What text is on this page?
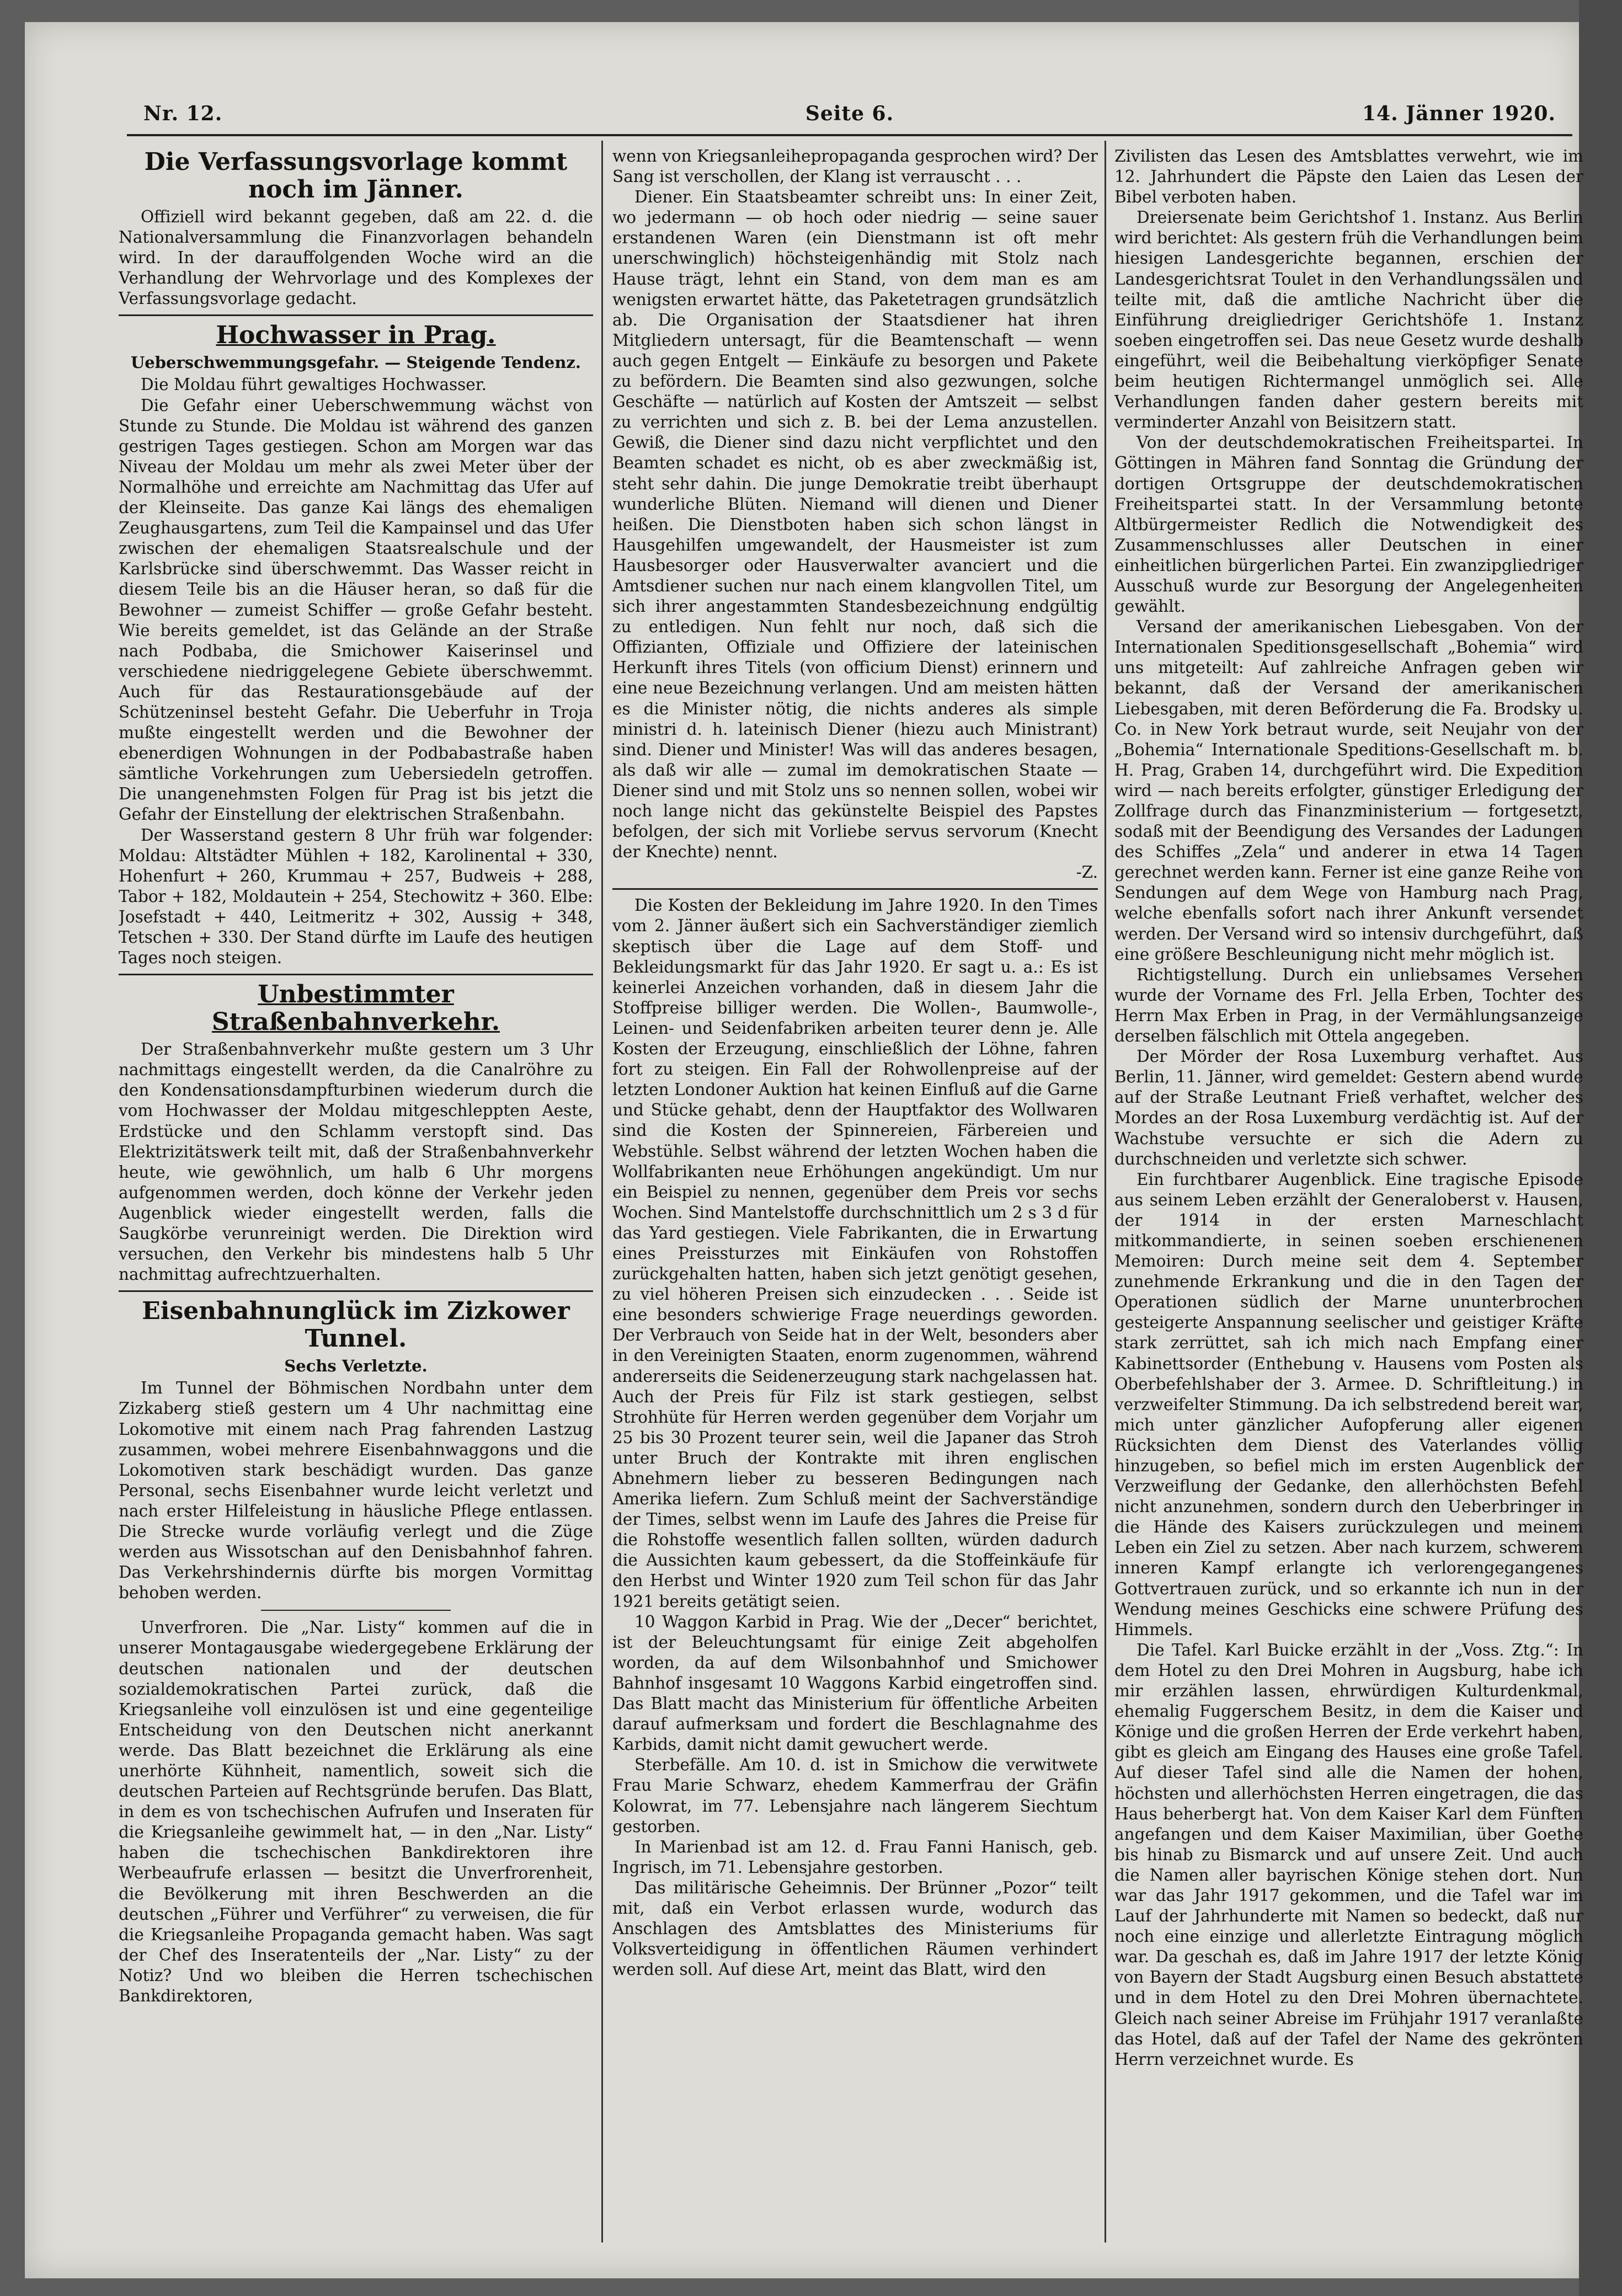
Nr. 12.	Seite 6.	14. Jänner 1920.
Die Verfassungsvorlage kommt noch im Jänner.

Offiziell wird bekannt gegeben, daß am 22. d. die Nationalversammlung die Finanzvorlagen behandeln wird. In der darauffolgenden Woche wird an die Verhandlung der Wehrvorlage und des Komplexes der Verfassungsvorlage gedacht.

Hochwasser in Prag.
Ueberschwemmungsgefahr. — Steigende Tendenz.

Die Moldau führt gewaltiges Hochwasser.

Die Gefahr einer Ueberschwemmung wächst von Stunde zu Stunde. Die Moldau ist während des ganzen gestrigen Tages gestiegen. Schon am Morgen war das Niveau der Moldau um mehr als zwei Meter über der Normalhöhe und erreichte am Nachmittag das Ufer auf der Kleinseite. Das ganze Kai längs des ehemaligen Zeughausgartens, zum Teil die Kampainsel und das Ufer zwischen der ehemaligen Staatsrealschule und der Karlsbrücke sind überschwemmt. Das Wasser reicht in diesem Teile bis an die Häuser heran, so daß für die Bewohner — zumeist Schiffer — große Gefahr besteht. Wie bereits gemeldet, ist das Gelände an der Straße nach Podbaba, die Smichower Kaiserinsel und verschiedene niedriggelegene Gebiete überschwemmt. Auch für das Restaurationsgebäude auf der Schützeninsel besteht Gefahr. Die Ueberfuhr in Troja mußte eingestellt werden und die Bewohner der ebenerdigen Wohnungen in der Podbabastraße haben sämtliche Vorkehrungen zum Uebersiedeln getroffen. Die unangenehmsten Folgen für Prag ist bis jetzt die Gefahr der Einstellung der elektrischen Straßenbahn.

Der Wasserstand gestern 8 Uhr früh war folgender: Moldau: Altstädter Mühlen + 182, Karolinental + 330, Hohenfurt + 260, Krummau + 257, Budweis + 288, Tabor + 182, Moldautein + 254, Stechowitz + 360. Elbe: Josefstadt + 440, Leitmeritz + 302, Aussig + 348, Tetschen + 330. Der Stand dürfte im Laufe des heutigen Tages noch steigen.

Unbestimmter Straßenbahnverkehr.

Der Straßenbahnverkehr mußte gestern um 3 Uhr nachmittags eingestellt werden, da die Canalröhre zu den Kondensationsdampfturbinen wiederum durch die vom Hochwasser der Moldau mitgeschleppten Aeste, Erdstücke und den Schlamm verstopft sind. Das Elektrizitätswerk teilt mit, daß der Straßenbahnverkehr heute, wie gewöhnlich, um halb 6 Uhr morgens aufgenommen werden, doch könne der Verkehr jeden Augenblick wieder eingestellt werden, falls die Saugkörbe verunreinigt werden. Die Direktion wird versuchen, den Verkehr bis mindestens halb 5 Uhr nachmittag aufrechtzuerhalten.

Eisenbahnunglück im Zizkower Tunnel.
Sechs Verletzte.

Im Tunnel der Böhmischen Nordbahn unter dem Zizkaberg stieß gestern um 4 Uhr nachmittag eine Lokomotive mit einem nach Prag fahrenden Lastzug zusammen, wobei mehrere Eisenbahnwaggons und die Lokomotiven stark beschädigt wurden. Das ganze Personal, sechs Eisenbahner wurde leicht verletzt und nach erster Hilfeleistung in häusliche Pflege entlassen. Die Strecke wurde vorläufig verlegt und die Züge werden aus Wissotschan auf den Denisbahnhof fahren. Das Verkehrshindernis dürfte bis morgen Vormittag behoben werden.

Unverfroren. Die „Nar. Listy“ kommen auf die in unserer Montagausgabe wiedergegebene Erklärung der deutschen nationalen und der deutschen sozialdemokratischen Partei zurück, daß die Kriegsanleihe voll einzulösen ist und eine gegenteilige Entscheidung von den Deutschen nicht anerkannt werde. Das Blatt bezeichnet die Erklärung als eine unerhörte Kühnheit, namentlich, soweit sich die deutschen Parteien auf Rechtsgründe berufen. Das Blatt, in dem es von tschechischen Aufrufen und Inseraten für die Kriegsanleihe gewimmelt hat, — in den „Nar. Listy“ haben die tschechischen Bankdirektoren ihre Werbeaufrufe erlassen — besitzt die Unverfrorenheit, die Bevölkerung mit ihren Beschwerden an die deutschen „Führer und Verführer“ zu verweisen, die für die Kriegsanleihe Propaganda gemacht haben. Was sagt der Chef des Inseratenteils der „Nar. Listy“ zu der Notiz? Und wo bleiben die Herren tschechischen Bankdirektoren,

wenn von Kriegsanleihepropaganda gesprochen wird? Der Sang ist verschollen, der Klang ist verrauscht . . .

Diener. Ein Staatsbeamter schreibt uns: In einer Zeit, wo jedermann — ob hoch oder niedrig — seine sauer erstandenen Waren (ein Dienstmann ist oft mehr unerschwinglich) höchsteigenhändig mit Stolz nach Hause trägt, lehnt ein Stand, von dem man es am wenigsten erwartet hätte, das Paketetragen grundsätzlich ab. Die Organisation der Staatsdiener hat ihren Mitgliedern untersagt, für die Beamtenschaft — wenn auch gegen Entgelt — Einkäufe zu besorgen und Pakete zu befördern. Die Beamten sind also gezwungen, solche Geschäfte — natürlich auf Kosten der Amtszeit — selbst zu verrichten und sich z. B. bei der Lema anzustellen. Gewiß, die Diener sind dazu nicht verpflichtet und den Beamten schadet es nicht, ob es aber zweckmäßig ist, steht sehr dahin. Die junge Demokratie treibt überhaupt wunderliche Blüten. Niemand will dienen und Diener heißen. Die Dienstboten haben sich schon längst in Hausgehilfen umgewandelt, der Hausmeister ist zum Hausbesorger oder Hausverwalter avanciert und die Amtsdiener suchen nur nach einem klangvollen Titel, um sich ihrer angestammten Standesbezeichnung endgültig zu entledigen. Nun fehlt nur noch, daß sich die Offizianten, Offiziale und Offiziere der lateinischen Herkunft ihres Titels (von officium Dienst) erinnern und eine neue Bezeichnung verlangen. Und am meisten hätten es die Minister nötig, die nichts anderes als simple ministri d. h. lateinisch Diener (hiezu auch Ministrant) sind. Diener und Minister! Was will das anderes besagen, als daß wir alle — zumal im demokratischen Staate — Diener sind und mit Stolz uns so nennen sollen, wobei wir noch lange nicht das gekünstelte Beispiel des Papstes befolgen, der sich mit Vorliebe servus servorum (Knecht der Knechte) nennt.

-Z.

Die Kosten der Bekleidung im Jahre 1920. In den Times vom 2. Jänner äußert sich ein Sachverständiger ziemlich skeptisch über die Lage auf dem Stoff- und Bekleidungsmarkt für das Jahr 1920. Er sagt u. a.: Es ist keinerlei Anzeichen vorhanden, daß in diesem Jahr die Stoffpreise billiger werden. Die Wollen-, Baumwolle-, Leinen- und Seidenfabriken arbeiten teurer denn je. Alle Kosten der Erzeugung, einschließlich der Löhne, fahren fort zu steigen. Ein Fall der Rohwollenpreise auf der letzten Londoner Auktion hat keinen Einfluß auf die Garne und Stücke gehabt, denn der Hauptfaktor des Wollwaren sind die Kosten der Spinnereien, Färbereien und Webstühle. Selbst während der letzten Wochen haben die Wollfabrikanten neue Erhöhungen angekündigt. Um nur ein Beispiel zu nennen, gegenüber dem Preis vor sechs Wochen. Sind Mantelstoffe durchschnittlich um 2 s 3 d für das Yard gestiegen. Viele Fabrikanten, die in Erwartung eines Preissturzes mit Einkäufen von Rohstoffen zurückgehalten hatten, haben sich jetzt genötigt gesehen, zu viel höheren Preisen sich einzudecken . . . Seide ist eine besonders schwierige Frage neuerdings geworden. Der Verbrauch von Seide hat in der Welt, besonders aber in den Vereinigten Staaten, enorm zugenommen, während andererseits die Seidenerzeugung stark nachgelassen hat. Auch der Preis für Filz ist stark gestiegen, selbst Strohhüte für Herren werden gegenüber dem Vorjahr um 25 bis 30 Prozent teurer sein, weil die Japaner das Stroh unter Bruch der Kontrakte mit ihren englischen Abnehmern lieber zu besseren Bedingungen nach Amerika liefern. Zum Schluß meint der Sachverständige der Times, selbst wenn im Laufe des Jahres die Preise für die Rohstoffe wesentlich fallen sollten, würden dadurch die Aussichten kaum gebessert, da die Stoffeinkäufe für den Herbst und Winter 1920 zum Teil schon für das Jahr 1921 bereits getätigt seien.

10 Waggon Karbid in Prag. Wie der „Decer“ berichtet, ist der Beleuchtungsamt für einige Zeit abgeholfen worden, da auf dem Wilsonbahnhof und Smichower Bahnhof insgesamt 10 Waggons Karbid eingetroffen sind. Das Blatt macht das Ministerium für öffentliche Arbeiten darauf aufmerksam und fordert die Beschlagnahme des Karbids, damit nicht damit gewuchert werde.

Sterbefälle. Am 10. d. ist in Smichow die verwitwete Frau Marie Schwarz, ehedem Kammerfrau der Gräfin Kolowrat, im 77. Lebensjahre nach längerem Siechtum gestorben.

In Marienbad ist am 12. d. Frau Fanni Hanisch, geb. Ingrisch, im 71. Lebensjahre gestorben.

Das militärische Geheimnis. Der Brünner „Pozor“ teilt mit, daß ein Verbot erlassen wurde, wodurch das Anschlagen des Amtsblattes des Ministeriums für Volksverteidigung in öffentlichen Räumen verhindert werden soll. Auf diese Art, meint das Blatt, wird den

Zivilisten das Lesen des Amtsblattes verwehrt, wie im 12. Jahrhundert die Päpste den Laien das Lesen der Bibel verboten haben.

Dreiersenate beim Gerichtshof 1. Instanz. Aus Berlin wird berichtet: Als gestern früh die Verhandlungen beim hiesigen Landesgerichte begannen, erschien der Landesgerichtsrat Toulet in den Verhandlungssälen und teilte mit, daß die amtliche Nachricht über die Einführung dreigliedriger Gerichtshöfe 1. Instanz soeben eingetroffen sei. Das neue Gesetz wurde deshalb eingeführt, weil die Beibehaltung vierköpfiger Senate beim heutigen Richtermangel unmöglich sei. Alle Verhandlungen fanden daher gestern bereits mit verminderter Anzahl von Beisitzern statt.

Von der deutschdemokratischen Freiheitspartei. In Göttingen in Mähren fand Sonntag die Gründung der dortigen Ortsgruppe der deutschdemokratischen Freiheitspartei statt. In der Versammlung betonte Altbürgermeister Redlich die Notwendigkeit des Zusammenschlusses aller Deutschen in einer einheitlichen bürgerlichen Partei. Ein zwanzipgliedriger Ausschuß wurde zur Besorgung der Angelegenheiten gewählt.

Versand der amerikanischen Liebesgaben. Von der Internationalen Speditionsgesellschaft „Bohemia“ wird uns mitgeteilt: Auf zahlreiche Anfragen geben wir bekannt, daß der Versand der amerikanischen Liebesgaben, mit deren Beförderung die Fa. Brodsky u. Co. in New York betraut wurde, seit Neujahr von der „Bohemia“ Internationale Speditions-Gesellschaft m. b. H. Prag, Graben 14, durchgeführt wird. Die Expedition wird — nach bereits erfolgter, günstiger Erledigung der Zollfrage durch das Finanzministerium — fortgesetzt, sodaß mit der Beendigung des Versandes der Ladungen des Schiffes „Zela“ und anderer in etwa 14 Tagen gerechnet werden kann. Ferner ist eine ganze Reihe von Sendungen auf dem Wege von Hamburg nach Prag, welche ebenfalls sofort nach ihrer Ankunft versendet werden. Der Versand wird so intensiv durchgeführt, daß eine größere Beschleunigung nicht mehr möglich ist.

Richtigstellung. Durch ein unliebsames Versehen wurde der Vorname des Frl. Jella Erben, Tochter des Herrn Max Erben in Prag, in der Vermählungsanzeige derselben fälschlich mit Ottela angegeben.

Der Mörder der Rosa Luxemburg verhaftet. Aus Berlin, 11. Jänner, wird gemeldet: Gestern abend wurde auf der Straße Leutnant Frieß verhaftet, welcher des Mordes an der Rosa Luxemburg verdächtig ist. Auf der Wachstube versuchte er sich die Adern zu durchschneiden und verletzte sich schwer.

Ein furchtbarer Augenblick. Eine tragische Episode aus seinem Leben erzählt der Generaloberst v. Hausen, der 1914 in der ersten Marneschlacht mitkommandierte, in seinen soeben erschienenen Memoiren: Durch meine seit dem 4. September zunehmende Erkrankung und die in den Tagen der Operationen südlich der Marne ununterbrochen gesteigerte Anspannung seelischer und geistiger Kräfte stark zerrüttet, sah ich mich nach Empfang einer Kabinettsorder (Enthebung v. Hausens vom Posten als Oberbefehlshaber der 3. Armee. D. Schriftleitung.) in verzweifelter Stimmung. Da ich selbstredend bereit war, mich unter gänzlicher Aufopferung aller eigenen Rücksichten dem Dienst des Vaterlandes völlig hinzugeben, so befiel mich im ersten Augenblick der Verzweiflung der Gedanke, den allerhöchsten Befehl nicht anzunehmen, sondern durch den Ueberbringer in die Hände des Kaisers zurückzulegen und meinem Leben ein Ziel zu setzen. Aber nach kurzem, schwerem inneren Kampf erlangte ich verlorengegangenes Gottvertrauen zurück, und so erkannte ich nun in der Wendung meines Geschicks eine schwere Prüfung des Himmels.

Die Tafel. Karl Buicke erzählt in der „Voss. Ztg.“: In dem Hotel zu den Drei Mohren in Augsburg, habe ich mir erzählen lassen, ehrwürdigen Kulturdenkmal, ehemalig Fuggerschem Besitz, in dem die Kaiser und Könige und die großen Herren der Erde verkehrt haben, gibt es gleich am Eingang des Hauses eine große Tafel. Auf dieser Tafel sind alle die Namen der hohen, höchsten und allerhöchsten Herren eingetragen, die das Haus beherbergt hat. Von dem Kaiser Karl dem Fünften angefangen und dem Kaiser Maximilian, über Goethe bis hinab zu Bismarck und auf unsere Zeit. Und auch die Namen aller bayrischen Könige stehen dort. Nun war das Jahr 1917 gekommen, und die Tafel war im Lauf der Jahrhunderte mit Namen so bedeckt, daß nur noch eine einzige und allerletzte Eintragung möglich war. Da geschah es, daß im Jahre 1917 der letzte König von Bayern der Stadt Augsburg einen Besuch abstattete und in dem Hotel zu den Drei Mohren übernachtete. Gleich nach seiner Abreise im Frühjahr 1917 veranlaßte das Hotel, daß auf der Tafel der Name des gekrönten Herrn verzeichnet wurde. Es
